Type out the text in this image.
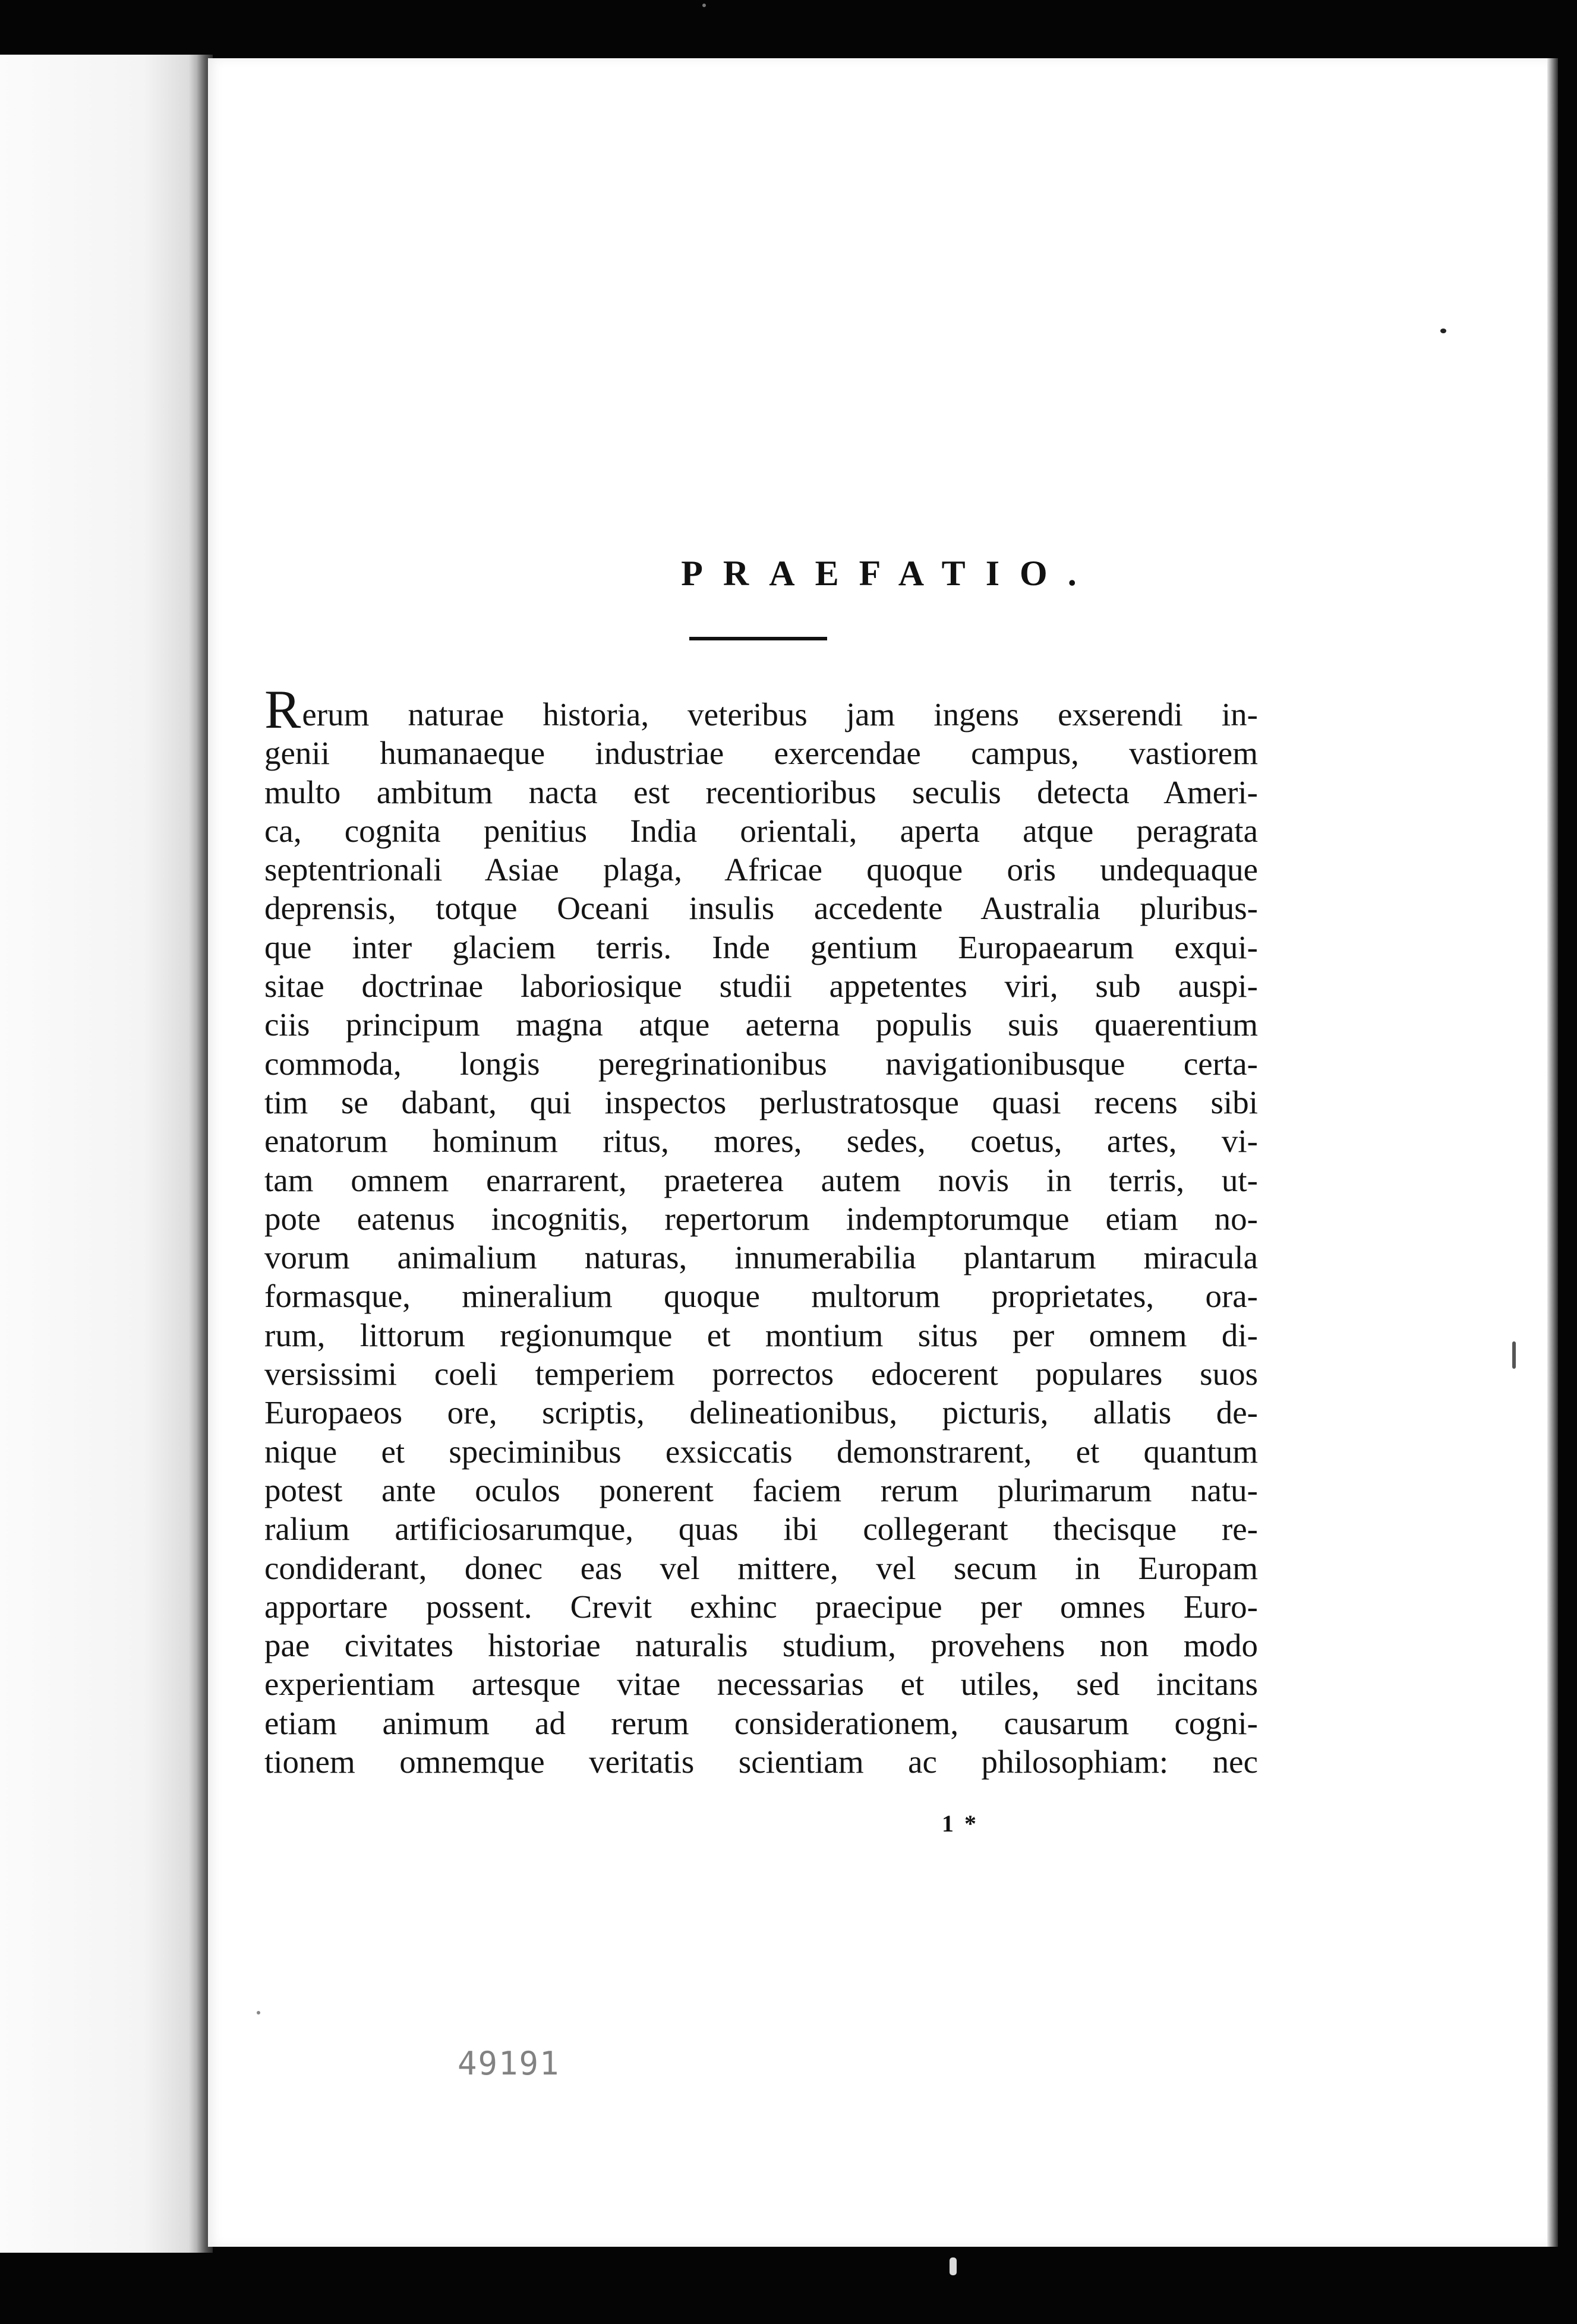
PRAEFATIO.
Rerum naturae historia, veteribus jam ingens exserendi in-
genii humanaeque industriae exercendae campus, vastiorem
multo ambitum nacta est recentioribus seculis detecta Ameri-
ca, cognita penitius India orientali, aperta atque peragrata
septentrionali Asiae plaga, Africae quoque oris undequaque
deprensis, totque Oceani insulis accedente Australia pluribus-
que inter glaciem terris. Inde gentium Europaearum exqui-
sitae doctrinae laboriosique studii appetentes viri, sub auspi-
ciis principum magna atque aeterna populis suis quaerentium
commoda, longis peregrinationibus navigationibusque certa-
tim se dabant, qui inspectos perlustratosque quasi recens sibi
enatorum hominum ritus, mores, sedes, coetus, artes, vi-
tam omnem enarrarent, praeterea autem novis in terris, ut-
pote eatenus incognitis, repertorum indemptorumque etiam no-
vorum animalium naturas, innumerabilia plantarum miracula
formasque, mineralium quoque multorum proprietates, ora-
rum, littorum regionumque et montium situs per omnem di-
versissimi coeli temperiem porrectos edocerent populares suos
Europaeos ore, scriptis, delineationibus, picturis, allatis de-
nique et speciminibus exsiccatis demonstrarent, et quantum
potest ante oculos ponerent faciem rerum plurimarum natu-
ralium artificiosarumque, quas ibi collegerant thecisque re-
condiderant, donec eas vel mittere, vel secum in Europam
apportare possent. Crevit exhinc praecipue per omnes Euro-
pae civitates historiae naturalis studium, provehens non modo
experientiam artesque vitae necessarias et utiles, sed incitans
etiam animum ad rerum considerationem, causarum cogni-
tionem omnemque veritatis scientiam ac philosophiam: nec
1 *
49191
